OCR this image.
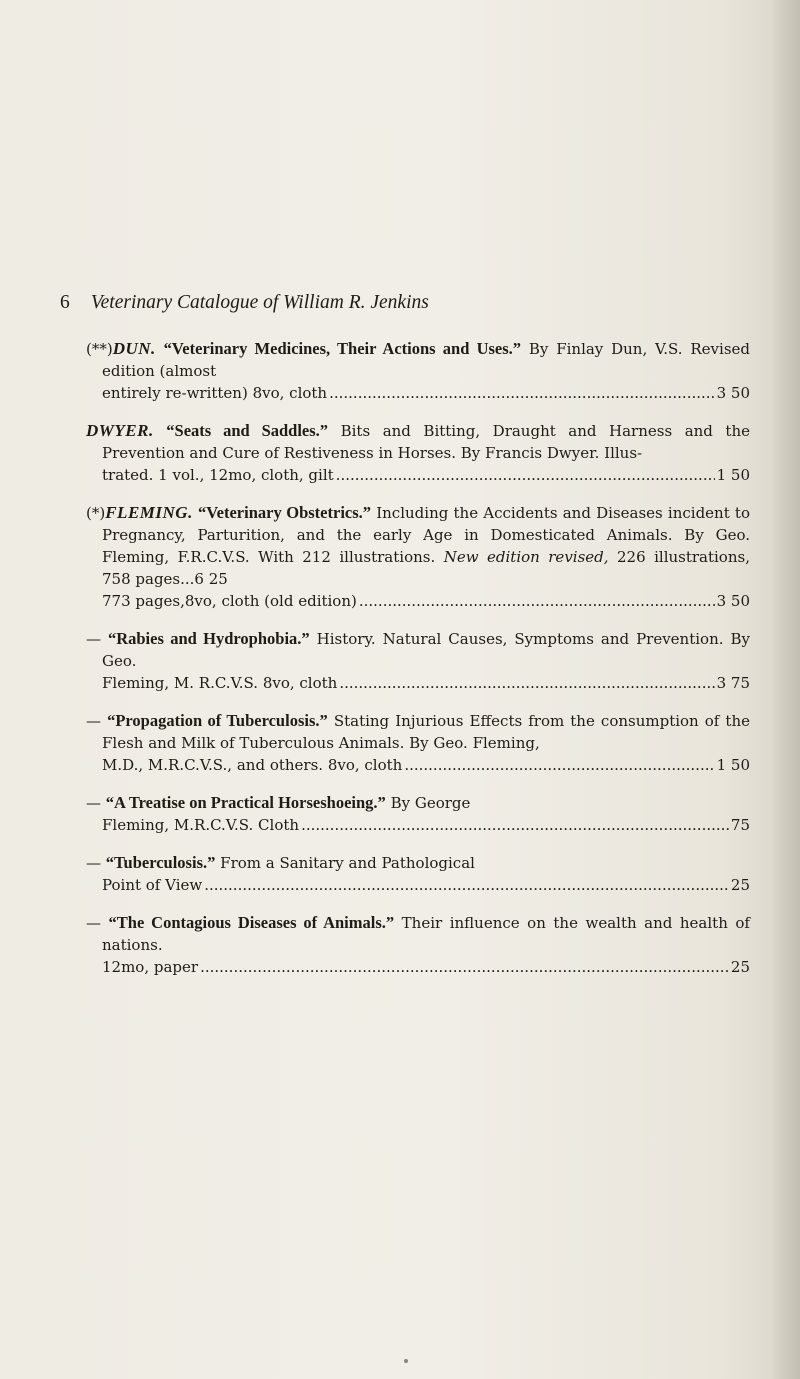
6 Veterinary Catalogue of William R. Jenkins
(**)DUN. “Veterinary Medicines, Their Actions and Uses.” By Finlay Dun, V.S. Revised edition (almost
entirely re-written) 8vo, cloth .....	3 50
DWYER. “Seats and Saddles.” Bits and Bitting, Draught and Harness and the Prevention and Cure of Restiveness in Horses. By Francis Dwyer. Illus-
trated. 1 vol., 12mo, cloth, gilt .....	1 50
(*)FLEMING. “Veterinary Obstetrics.” Including the Accidents and Diseases incident to Pregnancy, Parturition, and the early Age in Domesticated Animals. By Geo. Fleming, F.R.C.V.S. With 212 illustrations. New edition revised, 226 illustrations, 758 pages...6 25
773 pages,8vo, cloth (old edition) .....	3 50
— “Rabies and Hydrophobia.” History. Natural Causes, Symptoms and Prevention. By Geo.
Fleming, M. R.C.V.S. 8vo, cloth .....	3 75
— “Propagation of Tuberculosis.” Stating Injurious Effects from the consumption of the Flesh and Milk of Tuberculous Animals. By Geo. Fleming,
M.D., M.R.C.V.S., and others. 8vo, cloth .....	1 50
— “A Treatise on Practical Horseshoeing.” By George
Fleming, M.R.C.V.S. Cloth .....	75
— “Tuberculosis.” From a Sanitary and Pathological
Point of View .....	25
— “The Contagious Diseases of Animals.” Their influence on the wealth and health of nations.
12mo, paper .....	25
